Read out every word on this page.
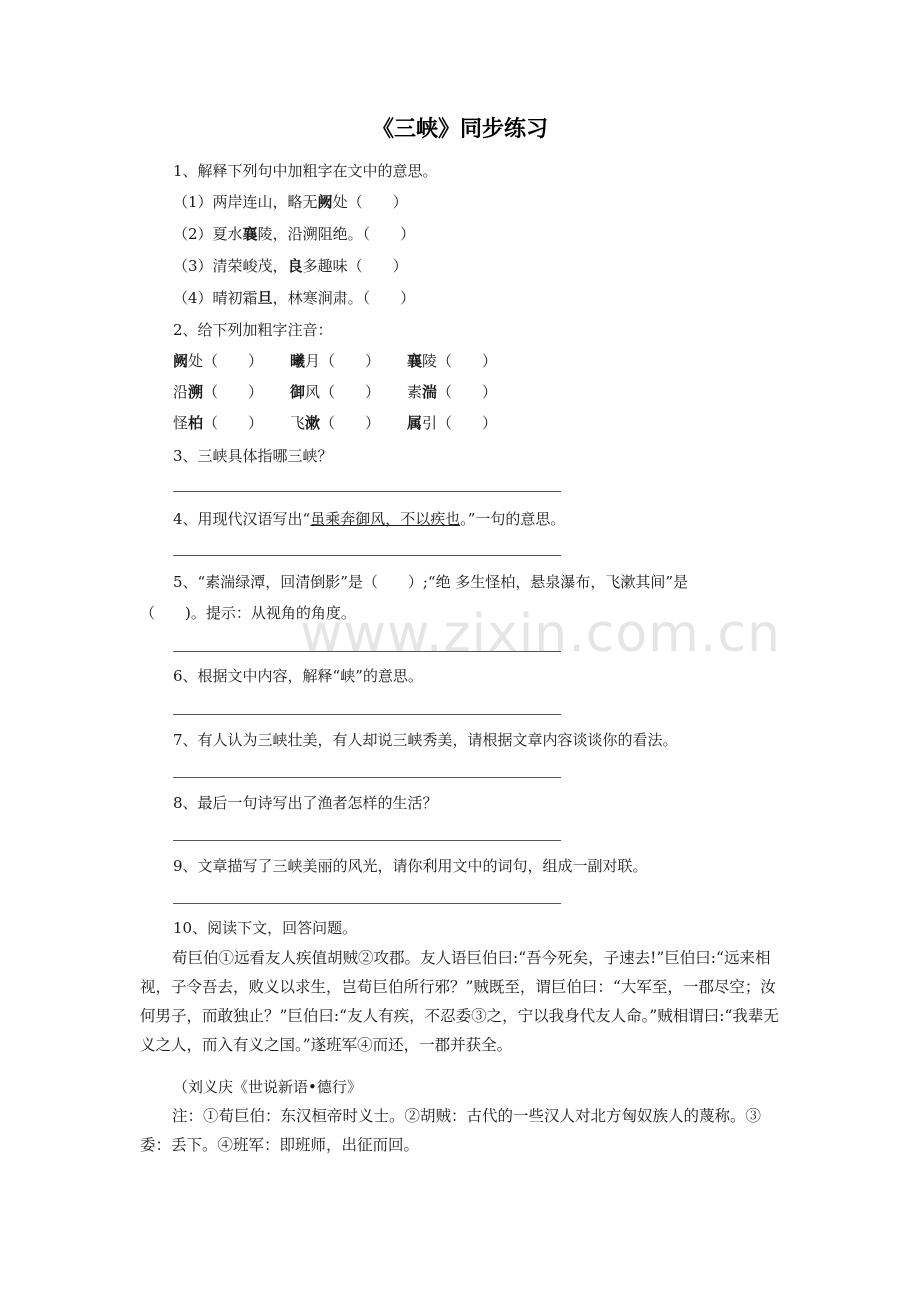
《三峡》同步练习
1、解释下列句中加粗字在文中的意思。
（1）两岸连山，略无阙处（　　）
（2）夏水襄陵，沿溯阻绝。（　　）
（3）清荣峻茂，良多趣味（　　）
（4）晴初霜旦，林寒涧肃。（　　）
2、给下列加粗字注音：
阙处（　　） 曦月（　　） 襄陵（　　）
沿溯（　　） 御风（　　） 素湍（　　）
怪柏（　　） 飞漱（　　） 属引（　　）
3、三峡具体指哪三峡？
4、用现代汉语写出“虽乘奔御风，不以疾也。”一句的意思。
5、“素湍绿潭，回清倒影”是（　　）;“绝 多生怪柏，悬泉瀑布，飞漱其间”是
（　　)。提示：从视角的角度。
6、根据文中内容，解释“峡”的意思。
7、有人认为三峡壮美，有人却说三峡秀美，请根据文章内容谈谈你的看法。
8、最后一句诗写出了渔者怎样的生活？
9、文章描写了三峡美丽的风光，请你利用文中的词句，组成一副对联。
10、阅读下文，回答问题。
荀巨伯①远看友人疾值胡贼②攻郡。友人语巨伯曰:“吾今死矣，子速去!”巨伯曰:“远来相视，子令吾去，败义以求生，岂荀巨伯所行邪？”贼既至，谓巨伯曰：“大军至，一郡尽空；汝何男子，而敢独止？”巨伯曰:“友人有疾，不忍委③之，宁以我身代友人命。”贼相谓曰:“我辈无义之人，而入有义之国。”遂班军④而还，一郡并获全。
（刘义庆《世说新语•德行》
注：①荀巨伯：东汉桓帝时义士。②胡贼：古代的一些汉人对北方匈奴族人的蔑称。③委：丢下。④班军：即班师，出征而回。
www.zixin.com.cn
